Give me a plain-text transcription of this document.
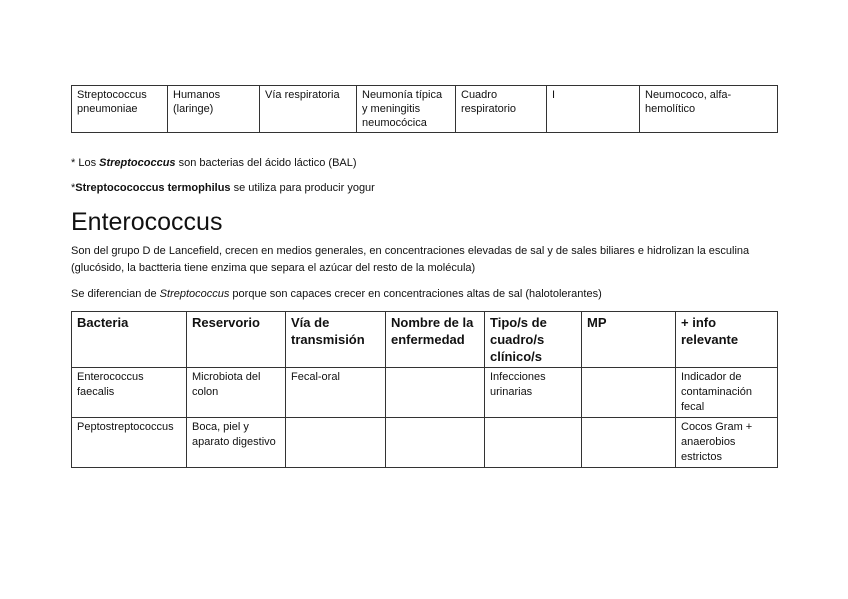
Streptococcus pneumoniae	Humanos (laringe)	Vía respiratoria	Neumonía típica y meningitis neumocócica	Cuadro respiratorio	I	Neumococo, alfa-hemolítico

* Los Streptococcus son bacterias del ácido láctico (BAL)

*Streptocococcus termophilus se utiliza para producir yogur

Enterococcus

Son del grupo D de Lancefield, crecen en medios generales, en concentraciones elevadas de sal y de sales biliares e hidrolizan la esculina (glucósido, la bactteria tiene enzima que separa el azúcar del resto de la molécula)

Se diferencian de Streptococcus porque son capaces crecer en concentraciones altas de sal (halotolerantes)

Bacteria	Reservorio	Vía de transmisión	Nombre de la enfermedad	Tipo/s de cuadro/s clínico/s	MP	+ info relevante
Enterococcus faecalis	Microbiota del colon	Fecal-oral		Infecciones urinarias		Indicador de contaminación fecal
Peptostreptococcus	Boca, piel y aparato digestivo					Cocos Gram + anaerobios estrictos
